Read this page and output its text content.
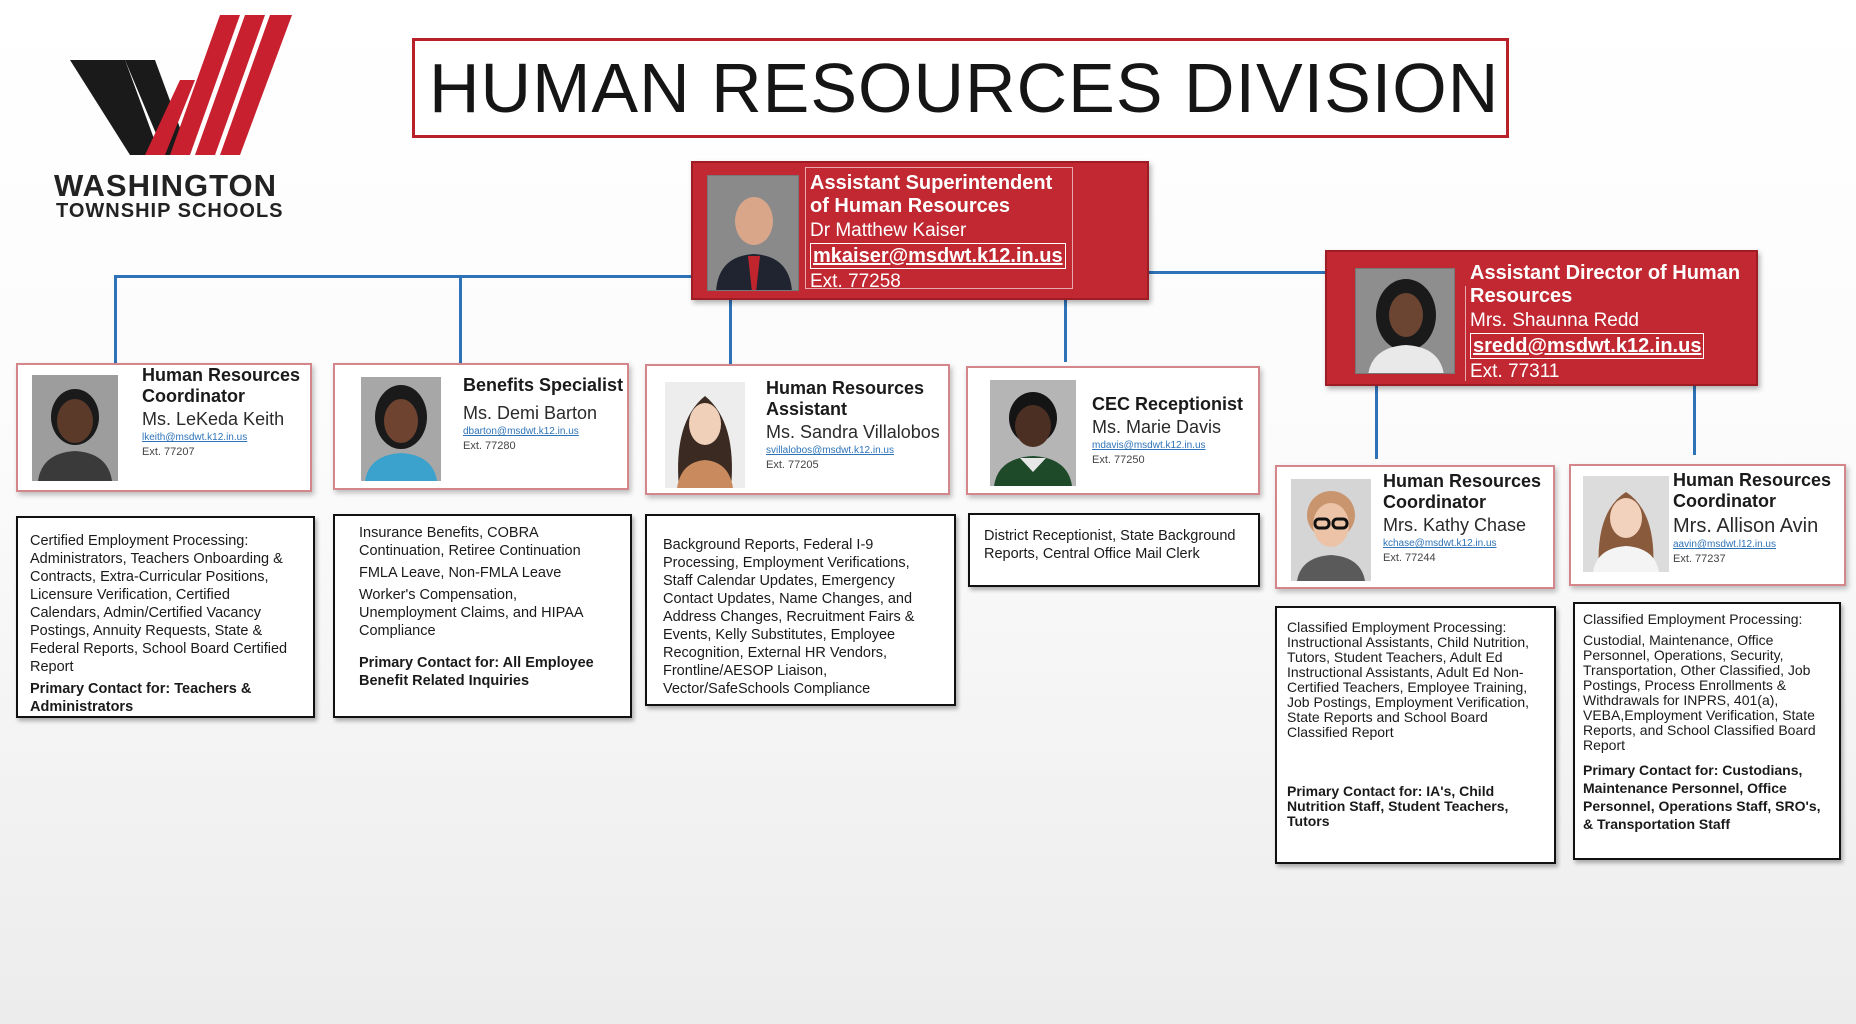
WASHINGTON
TOWNSHIP SCHOOLS
HUMAN RESOURCES DIVISION
Assistant Superintendent of Human Resources
Dr Matthew Kaiser
mkaiser@msdwt.k12.in.us
Ext. 77258	Assistant Director of Human Resources
Mrs. Shaunna Redd
sredd@msdwt.k12.in.us
Ext. 77311
Human Resources Coordinator
Ms. LeKeda Keith
lkeith@msdwt.k12.in.us
Ext. 77207

Certified Employment Processing: Administrators, Teachers Onboarding & Contracts, Extra-Curricular Positions, Licensure Verification, Certified Calendars, Admin/Certified Vacancy Postings, Annuity Requests, State & Federal Reports, School Board Certified Report

Primary Contact for: Teachers & Administrators

Benefits Specialist
Ms. Demi Barton
dbarton@msdwt.k12.in.us
Ext. 77280

Insurance Benefits, COBRA Continuation, Retiree Continuation

FMLA Leave, Non-FMLA Leave

Worker's Compensation, Unemployment Claims, and HIPAA Compliance

Primary Contact for: All Employee Benefit Related Inquiries

Human Resources Assistant
Ms. Sandra Villalobos
svillalobos@msdwt.k12.in.us
Ext. 77205

Background Reports, Federal I-9 Processing, Employment Verifications, Staff Calendar Updates, Emergency Contact Updates, Name Changes, and Address Changes, Recruitment Fairs & Events, Kelly Substitutes, Employee Recognition, External HR Vendors, Frontline/AESOP Liaison, Vector/SafeSchools Compliance

CEC Receptionist
Ms. Marie Davis
mdavis@msdwt.k12.in.us
Ext. 77250

District Receptionist, State Background Reports, Central Office Mail Clerk

Human Resources Coordinator
Mrs. Kathy Chase
kchase@msdwt.k12.in.us
Ext. 77244

Classified Employment Processing: Instructional Assistants, Child Nutrition, Tutors, Student Teachers, Adult Ed Instructional Assistants, Adult Ed Non-Certified Teachers, Employee Training, Job Postings, Employment Verification, State Reports and School Board Classified Report

Primary Contact for: IA's, Child Nutrition Staff, Student Teachers, Tutors

Human Resources Coordinator
Mrs. Allison Avin
aavin@msdwt.l12.in.us
Ext. 77237

Classified Employment Processing:

Custodial, Maintenance, Office Personnel, Operations, Security, Transportation, Other Classified, Job Postings, Process Enrollments & Withdrawals for INPRS, 401(a), VEBA,Employment Verification, State Reports, and School Classified Board Report

Primary Contact for: Custodians, Maintenance Personnel, Office Personnel, Operations Staff, SRO's, & Transportation Staff
